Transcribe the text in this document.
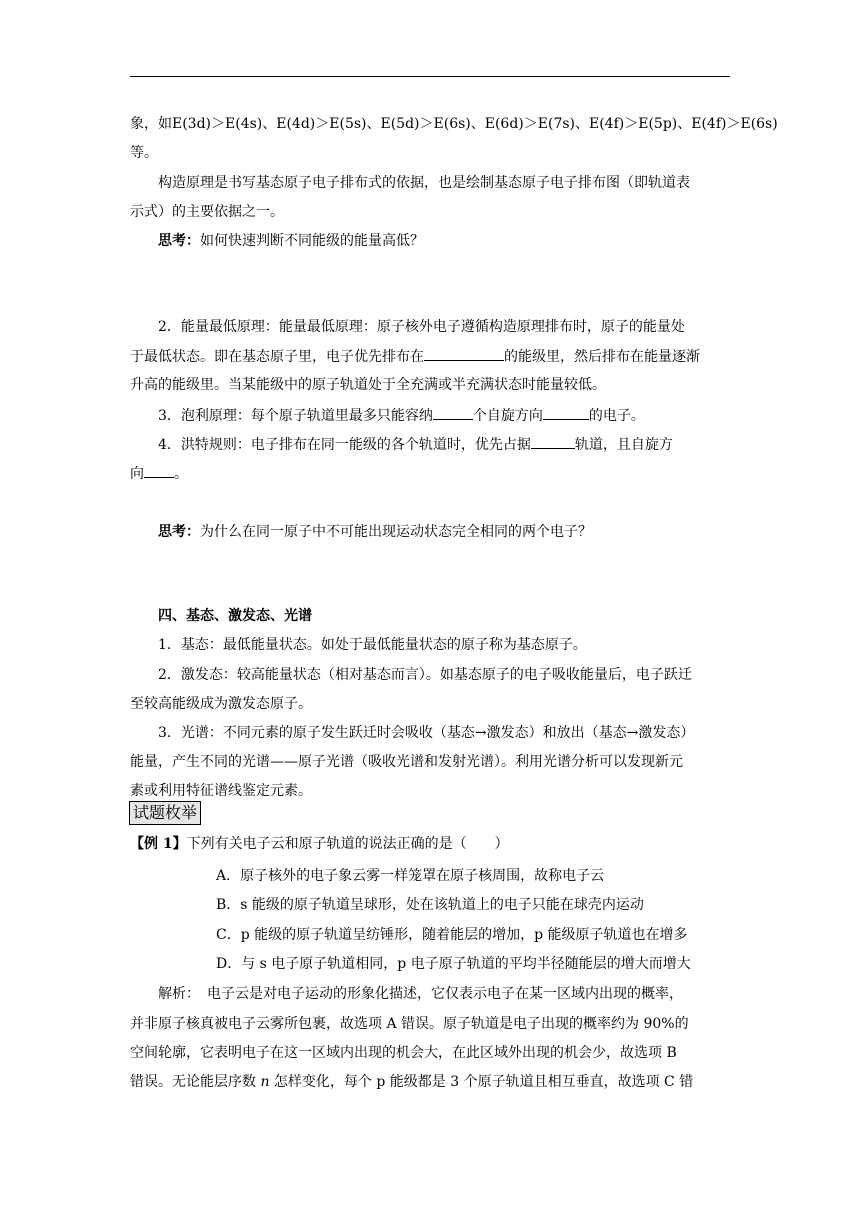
象，如E(3d)＞E(4s)、E(4d)＞E(5s)、E(5d)＞E(6s)、E(6d)＞E(7s)、E(4f)＞E(5p)、E(4f)＞E(6s)
等。
构造原理是书写基态原子电子排布式的依据，也是绘制基态原子电子排布图（即轨道表
示式）的主要依据之一。
思考：如何快速判断不同能级的能量高低？
2．能量最低原理：能量最低原理：原子核外电子遵循构造原理排布时，原子的能量处
于最低状态。即在基态原子里，电子优先排布在	的能级里，然后排布在能量逐渐
升高的能级里。当某能级中的原子轨道处于全充满或半充满状态时能量较低。
3．泡利原理：每个原子轨道里最多只能容纳	个自旋方向	的电子。
4．洪特规则：电子排布在同一能级的各个轨道时，优先占据	轨道，且自旋方
向 。
思考：为什么在同一原子中不可能出现运动状态完全相同的两个电子？
四、基态、激发态、光谱
1．基态：最低能量状态。如处于最低能量状态的原子称为基态原子。
2．激发态：较高能量状态（相对基态而言）。如基态原子的电子吸收能量后，电子跃迁
至较高能级成为激发态原子。
3．光谱：不同元素的原子发生跃迁时会吸收（基态→激发态）和放出（基态→激发态）
能量，产生不同的光谱——原子光谱（吸收光谱和发射光谱）。利用光谱分析可以发现新元
素或利用特征谱线鉴定元素。
试题枚举
【例 1】下列有关电子云和原子轨道的说法正确的是（　　）
A．原子核外的电子象云雾一样笼罩在原子核周围，故称电子云
B．s 能级的原子轨道呈球形，处在该轨道上的电子只能在球壳内运动
C．p 能级的原子轨道呈纺锤形，随着能层的增加，p 能级原子轨道也在增多
D．与 s 电子原子轨道相同，p 电子原子轨道的平均半径随能层的增大而增大
解析：　电子云是对电子运动的形象化描述，它仅表示电子在某一区域内出现的概率，
并非原子核真被电子云雾所包裹，故选项 A 错误。原子轨道是电子出现的概率约为 90%的
空间轮廓，它表明电子在这一区域内出现的机会大，在此区域外出现的机会少，故选项 B
错误。无论能层序数 n 怎样变化，每个 p 能级都是 3 个原子轨道且相互垂直，故选项 C 错
